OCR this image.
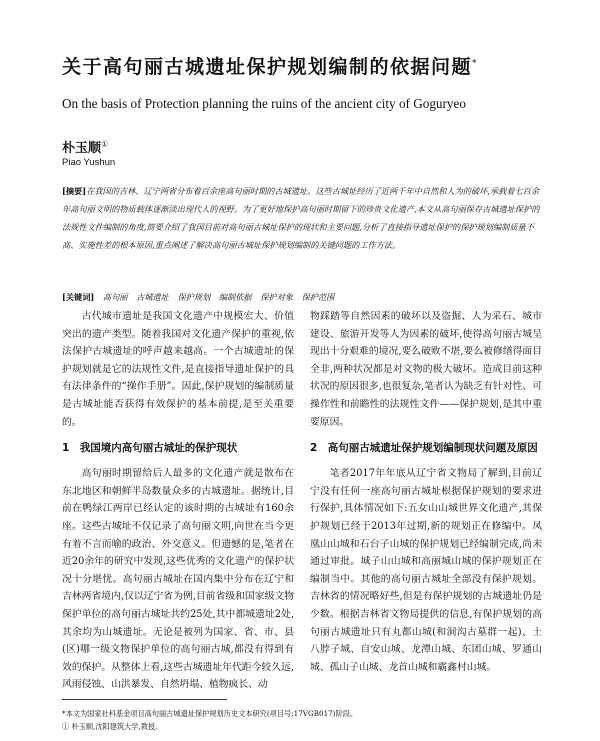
关于高句丽古城遗址保护规划编制的依据问题*
On the basis of Protection planning the ruins of the ancient city of Goguryeo
朴玉顺①
Piao Yushun
[摘要]在我国的吉林、辽宁两省分布着百余座高句丽时期的古城遗址。这些古城址经历了近两千年中自然和人为的破坏,承载着七百余年高句丽文明的物质载体逐渐淡出现代人的视野。为了更好地保护高句丽时期留下的珍贵文化遗产,本文从高句丽保存古城遗址保护的法规性文件编制的角度,简要介绍了我国目前对高句丽古城址保护的现状和主要问题,分析了直接指导遗址保护的保护规划编制质量不高、实施性差的根本原因,重点阐述了解决高句丽古城址保护规划编制的关键问题的工作方法。
[关键词] 高句丽 古城遗址 保护规划 编制依据 保护对象 保护范围

古代城市遗址是我国文化遗产中规模宏大、价值突出的遗产类型。随着我国对文化遗产保护的重视,依法保护古城遗址的呼声越来越高。一个古城遗址的保护规划就是它的法规性文件,是直接指导遗址保护的具有法律条件的“操作手册”。因此,保护规划的编制质量是古城址能否获得有效保护的基本前提,是至关重要的。

1　我国境内高句丽古城址的保护现状

高句丽时期留给后人最多的文化遗产就是散布在东北地区和朝鲜半岛数量众多的古城遗址。据统计,目前在鸭绿江两岸已经认定的该时期的古城址有160余座。这些古城址不仅记录了高句丽文明,向世在当今更有着不言而喻的政治、外交意义。但遗憾的是,笔者在近20余年的研究中发现,这些优秀的文化遗产的保护状况十分堪忧。高句丽古城址在国内集中分布在辽宁和吉林两省境内,仅以辽宁省为例,目前省级和国家级文物保护单位的高句丽古城址共约25处,其中都城遗址2处,其余均为山城遗址。无论是被列为国家、省、市、县(区)哪一级文物保护单位的高句丽古城,都没有得到有效的保护。从整体上看,这些古城遗址年代距今较久远,风雨侵蚀、山洪暴发、自然坍塌、植物疯长、动

物踩踏等自然因素的破坏以及盗掘、人为采石、城市建设、旅游开发等人为因素的破坏,使得高句丽古城呈现出十分艰难的境况,要么破败不堪,要么被修缮得面目全非,两种状况都是对文物的极大破坏。造成目前这种状况的原因很多,也很复杂,笔者认为缺乏有针对性、可操作性和前瞻性的法规性文件——保护规划,是其中重要原因。

2　高句丽古城遗址保护规划编制现状问题及原因

笔者2017年年底从辽宁省文物局了解到,目前辽宁没有任何一座高句丽古城址根据保护规划的要求进行保护,具体情况如下:五女山山城世界文化遗产,其保护规划已经于2013年过期,新的规划正在修编中。凤凰山山城和石台子山城的保护规划已经编制完成,尚未通过审批。城子山山城和高丽城山城的保护规划正在编制当中。其他的高句丽古城址全部没有保护规划。吉林省的情况略好些,但是有保护规划的古城遗址仍是少数。根据吉林省文物局提供的信息,有保护规划的高句丽古城遗址只有丸都山城(和洞沟古墓群一起)、土八脖子城、自安山城、龙潭山城、东团山城、罗通山城、孤山子山城、龙首山城和霸鑫村山城。

*本文为国家社科基金项目高句丽古城遗址保护规划历史文本研究(项目号:17VGB017)阶段。
① 朴玉顺,沈阳建筑大学,教授。
